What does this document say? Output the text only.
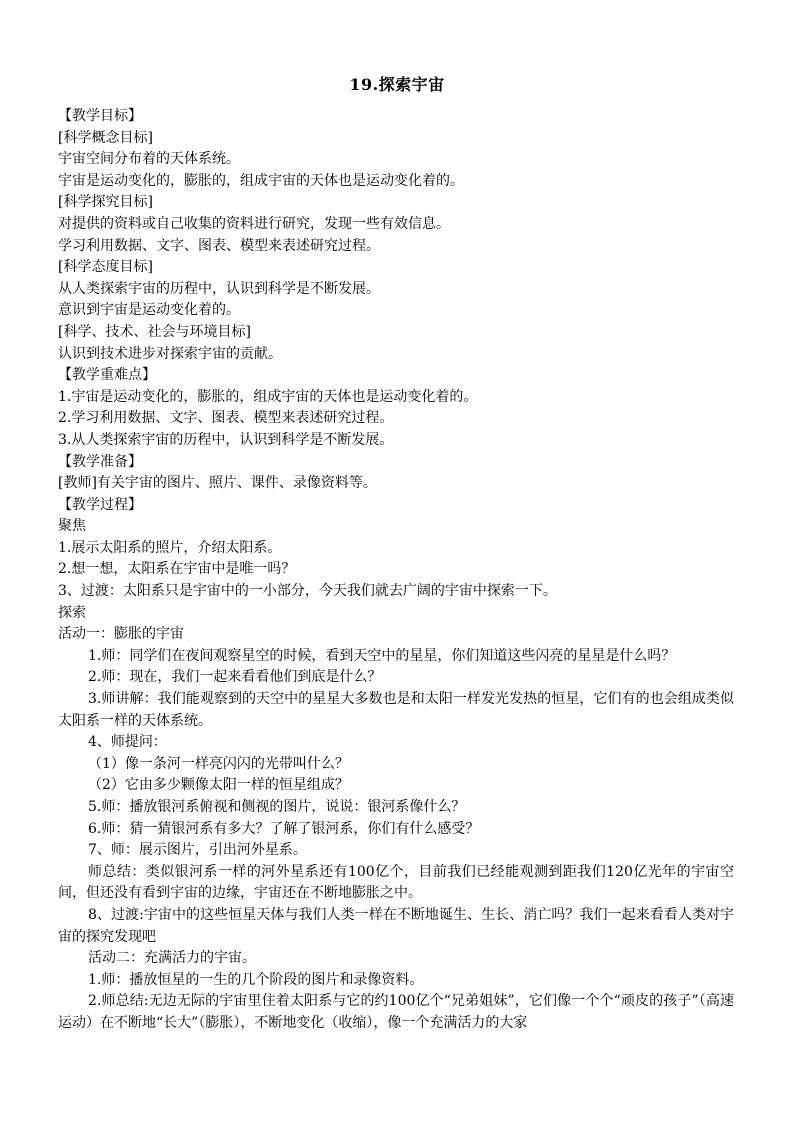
19.探索宇宙
【教学目标】
[科学概念目标]
宇宙空间分布着的天体系统。
宇宙是运动变化的，膨胀的，组成宇宙的天体也是运动变化着的。
[科学探究目标]
对提供的资料或自己收集的资料进行研究，发现一些有效信息。
学习利用数据、文字、图表、模型来表述研究过程。
[科学态度目标]
从人类探索宇宙的历程中，认识到科学是不断发展。
意识到宇宙是运动变化着的。
[科学、技术、社会与环境目标]
认识到技术进步对探索宇宙的贡献。
【教学重难点】
1.宇宙是运动变化的，膨胀的，组成宇宙的天体也是运动变化着的。
2.学习利用数据、文字、图表、模型来表述研究过程。
3.从人类探索宇宙的历程中，认识到科学是不断发展。
【教学准备】
[教师]有关宇宙的图片、照片、课件、录像资料等。
【教学过程】
聚焦
1.展示太阳系的照片，介绍太阳系。
2.想一想，太阳系在宇宙中是唯一吗？
3、过渡：太阳系只是宇宙中的一小部分，今天我们就去广阔的宇宙中探索一下。
探索
活动一：膨胀的宇宙
1.师：同学们在夜间观察星空的时候，看到天空中的星星，你们知道这些闪亮的星星是什么吗？
2.师：现在，我们一起来看看他们到底是什么？
3.师讲解：我们能观察到的天空中的星星大多数也是和太阳一样发光发热的恒星，它们有的也会组成类似太阳系一样的天体系统。
4、师提问：
（1）像一条河一样亮闪闪的光带叫什么？
（2）它由多少颗像太阳一样的恒星组成？
5.师：播放银河系俯视和侧视的图片，说说：银河系像什么？
6.师：猜一猜银河系有多大？了解了银河系，你们有什么感受？
7、师：展示图片，引出河外星系。
师总结：类似银河系一样的河外星系还有100亿个，目前我们已经能观测到距我们120亿光年的宇宙空间，但还没有看到宇宙的边缘，宇宙还在不断地膨胀之中。
8、过渡:宇宙中的这些恒星天体与我们人类一样在不断地诞生、生长、消亡吗？我们一起来看看人类对宇宙的探究发现吧
活动二：充满活力的宇宙。
1.师：播放恒星的一生的几个阶段的图片和录像资料。
2.师总结:无边无际的宇宙里住着太阳系与它的约100亿个“兄弟姐妹”，它们像一个个“顽皮的孩子”（高速运动）在不断地“长大”（膨胀），不断地变化（收缩），像一个充满活力的大家
